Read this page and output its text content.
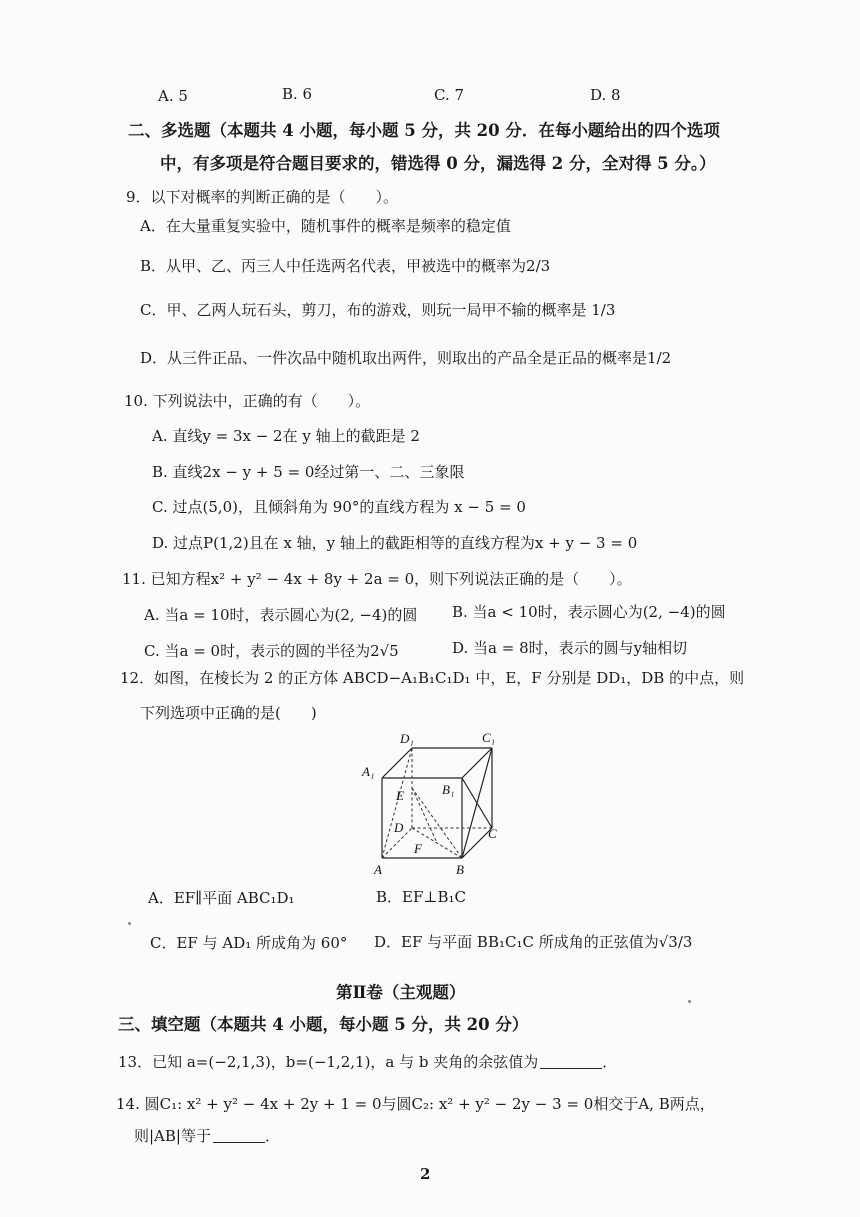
A. 5	B. 6	C. 7	D. 8
二、多选题（本题共 4 小题，每小题 5 分，共 20 分．在每小题给出的四个选项
中，有多项是符合题目要求的，错选得 0 分，漏选得 2 分，全对得 5 分。）
9．以下对概率的判断正确的是（　　）。
A．在大量重复实验中，随机事件的概率是频率的稳定值
B．从甲、乙、丙三人中任选两名代表，甲被选中的概率为2/3
C．甲、乙两人玩石头，剪刀，布的游戏，则玩一局甲不输的概率是 1/3
D．从三件正品、一件次品中随机取出两件，则取出的产品全是正品的概率是1/2
10. 下列说法中，正确的有（　　）。
A. 直线y = 3x − 2在 y 轴上的截距是 2
B. 直线2x − y + 5 = 0经过第一、二、三象限
C. 过点(5,0)，且倾斜角为 90°的直线方程为 x − 5 = 0
D. 过点P(1,2)且在 x 轴，y 轴上的截距相等的直线方程为x + y − 3 = 0
11. 已知方程x² + y² − 4x + 8y + 2a = 0，则下列说法正确的是（　　）。
A. 当a = 10时，表示圆心为(2, −4)的圆 B. 当a < 10时，表示圆心为(2, −4)的圆
C. 当a = 0时，表示的圆的半径为2√5	D. 当a = 8时，表示的圆与y轴相切
12．如图，在棱长为 2 的正方体 ABCD−A₁B₁C₁D₁ 中，E，F 分别是 DD₁，DB 的中点，则
下列选项中正确的是(　　)
D₁	C₁
A₁
B₁
E
D
F
C
A	B
A．EF∥平面 ABC₁D₁	B．EF⊥B₁C
C．EF 与 AD₁ 所成角为 60° D．EF 与平面 BB₁C₁C 所成角的正弦值为√3/3
第Ⅱ卷（主观题）
三、填空题（本题共 4 小题，每小题 5 分，共 20 分）
13．已知 a=(−2,1,3)，b=(−1,2,1)，a 与 b 夹角的余弦值为	．
14. 圆C₁: x² + y² − 4x + 2y + 1 = 0与圆C₂: x² + y² − 2y − 3 = 0相交于A, B两点，
则|AB|等于	．
2
